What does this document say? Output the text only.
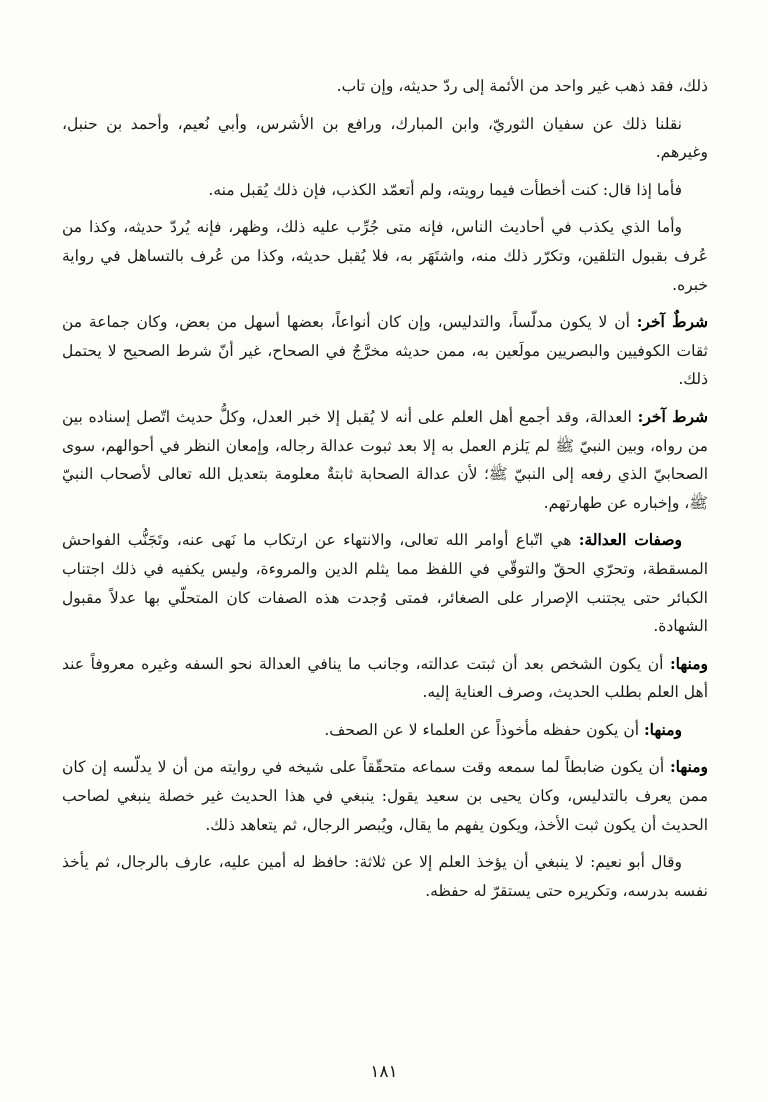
ذلك، فقد ذهب غير واحد من الأئمة إلى ردّ حديثه، وإن تاب.

نقلنا ذلك عن سفيان الثوريّ، وابن المبارك، ورافع بن الأشرس، وأبي نُعيم، وأحمد بن حنبل، وغيرهم.

فأما إذا قال: كنت أخطأت فيما رويته، ولم أتعمّد الكذب، فإن ذلك يُقبل منه.

وأما الذي يكذب في أحاديث الناس، فإنه متى جُرِّب عليه ذلك، وظهر، فإنه يُردّ حديثه، وكذا من عُرف بقبول التلقين، وتكرّر ذلك منه، واشتَهَر به، فلا يُقبل حديثه، وكذا من عُرف بالتساهل في رواية خبره.

شرطٌ آخر: أن لا يكون مدلّساً، والتدليس، وإن كان أنواعاً، بعضها أسهل من بعض، وكان جماعة من ثقات الكوفيين والبصريين مولَعين به، ممن حديثه مخرَّجٌ في الصحاح، غير أنّ شرط الصحيح لا يحتمل ذلك.

شرط آخر: العدالة، وقد أجمع أهل العلم على أنه لا يُقبل إلا خبر العدل، وكلُّ حديث اتّصل إسناده بين من رواه، وبين النبيّ ﷺ لم يَلزم العمل به إلا بعد ثبوت عدالة رجاله، وإمعان النظر في أحوالهم، سوى الصحابيّ الذي رفعه إلى النبيّ ﷺ؛ لأن عدالة الصحابة ثابتةٌ معلومة بتعديل الله تعالى لأصحاب النبيّ ﷺ، وإخباره عن طهارتهم.

وصفات العدالة: هي اتّباع أوامر الله تعالى، والانتهاء عن ارتكاب ما نَهى عنه، وتَجَنُّب الفواحش المسقطة، وتحرّي الحقّ والتوقّي في اللفظ مما يثلم الدين والمروءة، وليس يكفيه في ذلك اجتناب الكبائر حتى يجتنب الإصرار على الصغائر، فمتى وُجدت هذه الصفات كان المتحلّي بها عدلاً مقبول الشهادة.

ومنها: أن يكون الشخص بعد أن ثبتت عدالته، وجانب ما ينافي العدالة نحو السفه وغيره معروفاً عند أهل العلم بطلب الحديث، وصرف العناية إليه.

ومنها: أن يكون حفظه مأخوذاً عن العلماء لا عن الصحف.

ومنها: أن يكون ضابطاً لما سمعه وقت سماعه متحقّقاً على شيخه في روايته من أن لا يدلّسه إن كان ممن يعرف بالتدليس، وكان يحيى بن سعيد يقول: ينبغي في هذا الحديث غير خصلة ينبغي لصاحب الحديث أن يكون ثبت الأخذ، ويكون يفهم ما يقال، ويُبصر الرجال، ثم يتعاهد ذلك.

وقال أبو نعيم: لا ينبغي أن يؤخذ العلم إلا عن ثلاثة: حافظ له أمين عليه، عارف بالرجال، ثم يأخذ نفسه بدرسه، وتكريره حتى يستقرّ له حفظه.

١٨١
